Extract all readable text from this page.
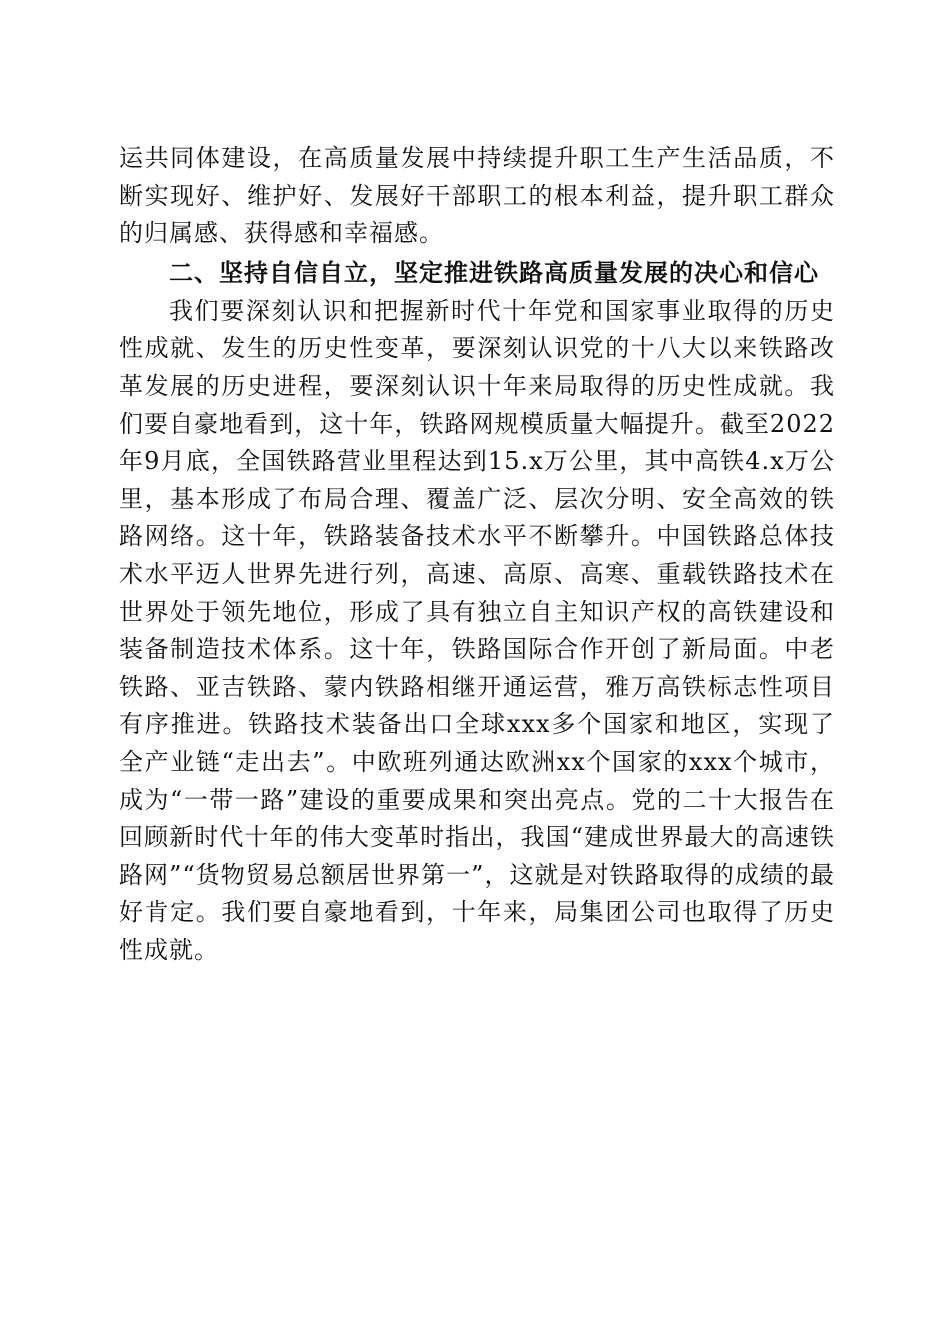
运共同体建设，在高质量发展中持续提升职工生产生活品质，不断实现好、维护好、发展好干部职工的根本利益，提升职工群众的归属感、获得感和幸福感。

二、坚持自信自立，坚定推进铁路高质量发展的决心和信心

我们要深刻认识和把握新时代十年党和国家事业取得的历史性成就、发生的历史性变革，要深刻认识党的十八大以来铁路改革发展的历史进程，要深刻认识十年来局取得的历史性成就。我们要自豪地看到，这十年，铁路网规模质量大幅提升。截至2022年9月底，全国铁路营业里程达到15.x万公里，其中高铁4.x万公里，基本形成了布局合理、覆盖广泛、层次分明、安全高效的铁路网络。这十年，铁路装备技术水平不断攀升。中国铁路总体技术水平迈人世界先进行列，高速、高原、高寒、重载铁路技术在世界处于领先地位，形成了具有独立自主知识产权的高铁建设和装备制造技术体系。这十年，铁路国际合作开创了新局面。中老铁路、亚吉铁路、蒙内铁路相继开通运营，雅万高铁标志性项目有序推进。铁路技术装备出口全球xxx多个国家和地区，实现了全产业链“走出去”。中欧班列通达欧洲xx个国家的xxx个城市，成为“一带一路”建设的重要成果和突出亮点。党的二十大报告在回顾新时代十年的伟大变革时指出，我国“建成世界最大的高速铁路网”“货物贸易总额居世界第一”，这就是对铁路取得的成绩的最好肯定。我们要自豪地看到，十年来，局集团公司也取得了历史性成就。
